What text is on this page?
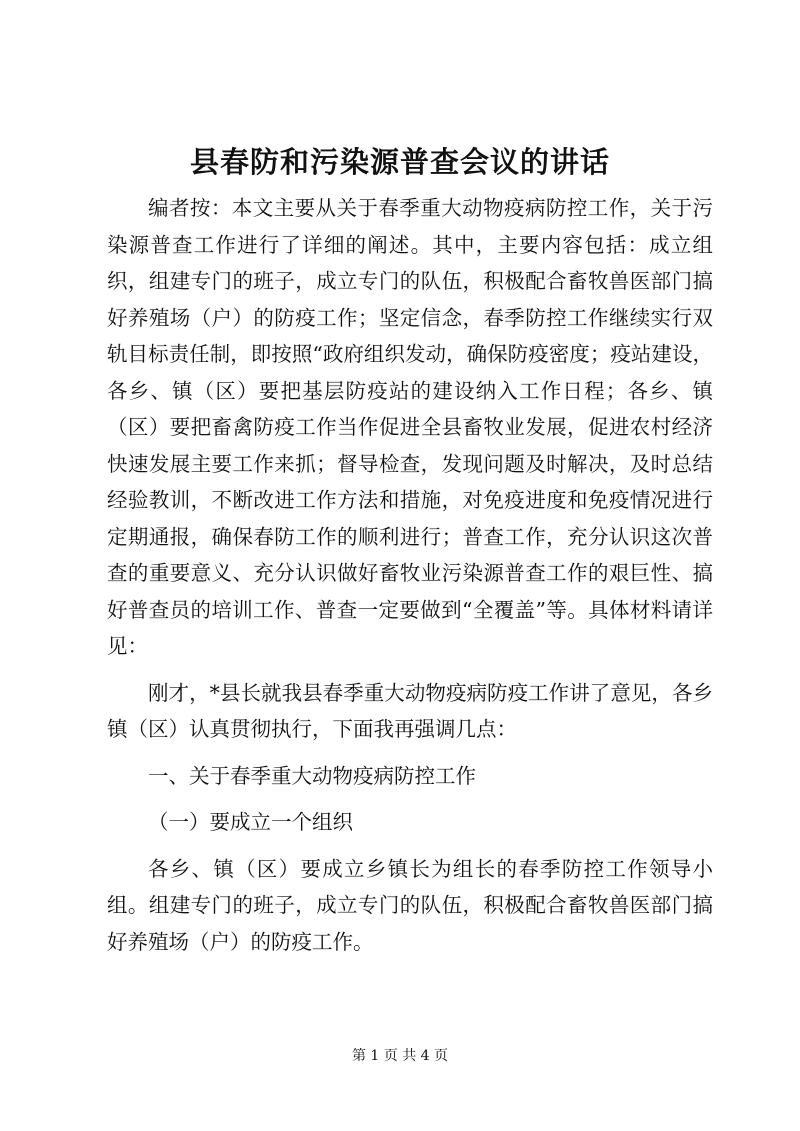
县春防和污染源普查会议的讲话

编者按：本文主要从关于春季重大动物疫病防控工作，关于污染源普查工作进行了详细的阐述。其中，主要内容包括：成立组织，组建专门的班子，成立专门的队伍，积极配合畜牧兽医部门搞好养殖场（户）的防疫工作；坚定信念，春季防控工作继续实行双轨目标责任制，即按照“政府组织发动，确保防疫密度；疫站建设，各乡、镇（区）要把基层防疫站的建设纳入工作日程；各乡、镇（区）要把畜禽防疫工作当作促进全县畜牧业发展，促进农村经济快速发展主要工作来抓；督导检查，发现问题及时解决，及时总结经验教训，不断改进工作方法和措施，对免疫进度和免疫情况进行定期通报，确保春防工作的顺利进行；普查工作，充分认识这次普查的重要意义、充分认识做好畜牧业污染源普查工作的艰巨性、搞好普查员的培训工作、普查一定要做到“全覆盖”等。具体材料请详见：

刚才，*县长就我县春季重大动物疫病防疫工作讲了意见，各乡镇（区）认真贯彻执行，下面我再强调几点：

一、关于春季重大动物疫病防控工作

（一）要成立一个组织

各乡、镇（区）要成立乡镇长为组长的春季防控工作领导小组。组建专门的班子，成立专门的队伍，积极配合畜牧兽医部门搞好养殖场（户）的防疫工作。

第 1 页 共 4 页
